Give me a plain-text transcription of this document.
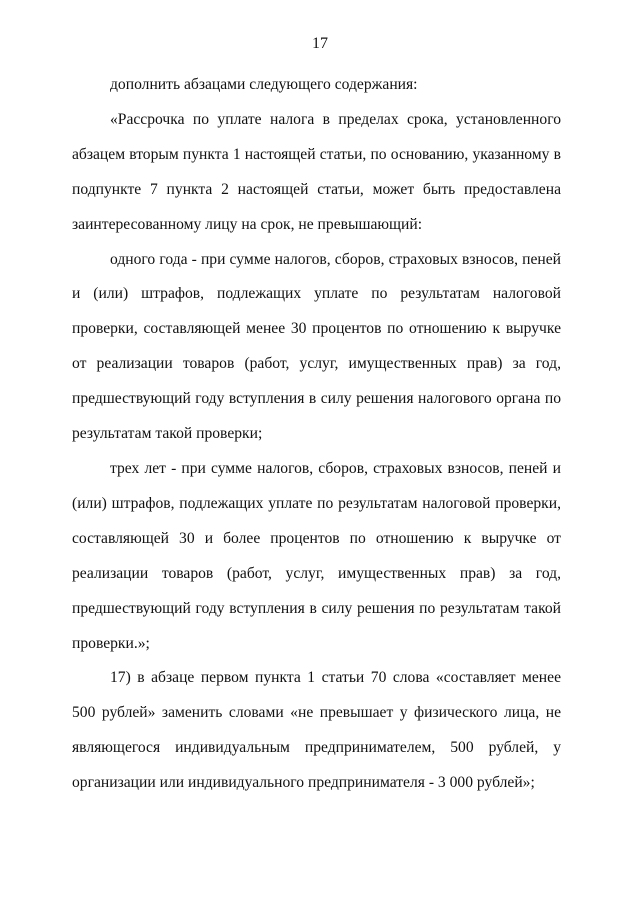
17

дополнить абзацами следующего содержания:

«Рассрочка по уплате налога в пределах срока, установленного абзацем вторым пункта 1 настоящей статьи, по основанию, указанному в подпункте 7 пункта 2 настоящей статьи, может быть предоставлена заинтересованному лицу на срок, не превышающий:

одного года - при сумме налогов, сборов, страховых взносов, пеней и (или) штрафов, подлежащих уплате по результатам налоговой проверки, составляющей менее 30 процентов по отношению к выручке от реализации товаров (работ, услуг, имущественных прав) за год, предшествующий году вступления в силу решения налогового органа по результатам такой проверки;

трех лет - при сумме налогов, сборов, страховых взносов, пеней и (или) штрафов, подлежащих уплате по результатам налоговой проверки, составляющей 30 и более процентов по отношению к выручке от реализации товаров (работ, услуг, имущественных прав) за год, предшествующий году вступления в силу решения по результатам такой проверки.»;

17) в абзаце первом пункта 1 статьи 70 слова «составляет менее 500 рублей» заменить словами «не превышает у физического лица, не являющегося индивидуальным предпринимателем, 500 рублей, у организации или индивидуального предпринимателя - 3 000 рублей»;
